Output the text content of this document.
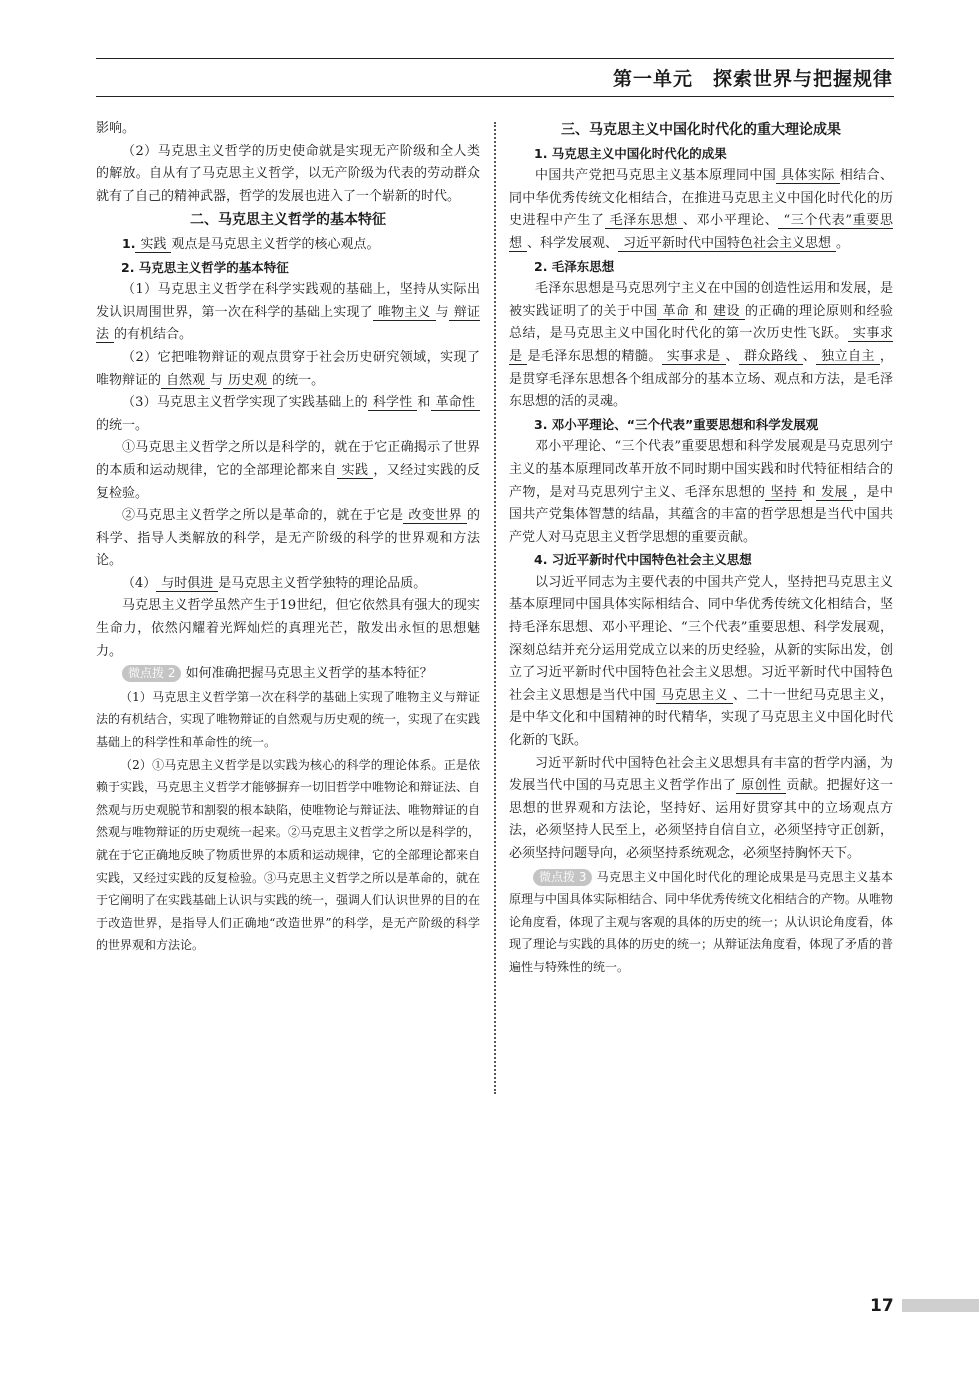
第一单元　探索世界与把握规律

影响。

（2）马克思主义哲学的历史使命就是实现无产阶级和全人类的解放。自从有了马克思主义哲学，以无产阶级为代表的劳动群众就有了自己的精神武器，哲学的发展也进入了一个崭新的时代。

二、马克思主义哲学的基本特征

1. 实践 观点是马克思主义哲学的核心观点。

2. 马克思主义哲学的基本特征

（1）马克思主义哲学在科学实践观的基础上，坚持从实际出发认识周围世界，第一次在科学的基础上实现了 唯物主义 与 辩证法 的有机结合。

（2）它把唯物辩证的观点贯穿于社会历史研究领域，实现了唯物辩证的 自然观 与 历史观 的统一。

（3）马克思主义哲学实现了实践基础上的 科学性 和 革命性的统一。

①马克思主义哲学之所以是科学的，就在于它正确揭示了世界的本质和运动规律，它的全部理论都来自 实践 ，又经过实践的反复检验。

②马克思主义哲学之所以是革命的，就在于它是 改变世界 的科学、指导人类解放的科学，是无产阶级的科学的世界观和方法论。

（4） 与时俱进 是马克思主义哲学独特的理论品质。

马克思主义哲学虽然产生于19世纪，但它依然具有强大的现实生命力，依然闪耀着光辉灿烂的真理光芒，散发出永恒的思想魅力。

微点拨 2 如何准确把握马克思主义哲学的基本特征？

（1）马克思主义哲学第一次在科学的基础上实现了唯物主义与辩证法的有机结合，实现了唯物辩证的自然观与历史观的统一，实现了在实践基础上的科学性和革命性的统一。

（2）①马克思主义哲学是以实践为核心的科学的理论体系。正是依赖于实践，马克思主义哲学才能够摒弃一切旧哲学中唯物论和辩证法、自然观与历史观脱节和割裂的根本缺陷，使唯物论与辩证法、唯物辩证的自然观与唯物辩证的历史观统一起来。②马克思主义哲学之所以是科学的，就在于它正确地反映了物质世界的本质和运动规律，它的全部理论都来自实践，又经过实践的反复检验。③马克思主义哲学之所以是革命的，就在于它阐明了在实践基础上认识与实践的统一，强调人们认识世界的目的在于改造世界，是指导人们正确地“改造世界”的科学，是无产阶级的科学的世界观和方法论。

三、马克思主义中国化时代化的重大理论成果

1. 马克思主义中国化时代化的成果

中国共产党把马克思主义基本原理同中国 具体实际 相结合、同中华优秀传统文化相结合，在推进马克思主义中国化时代化的历史进程中产生了 毛泽东思想 、邓小平理论、 “三个代表”重要思想 、科学发展观、 习近平新时代中国特色社会主义思想 。

2. 毛泽东思想

毛泽东思想是马克思列宁主义在中国的创造性运用和发展，是被实践证明了的关于中国 革命 和 建设 的正确的理论原则和经验总结，是马克思主义中国化时代化的第一次历史性飞跃。 实事求是 是毛泽东思想的精髓。 实事求是 、 群众路线 、 独立自主 ，是贯穿毛泽东思想各个组成部分的基本立场、观点和方法，是毛泽东思想的活的灵魂。

3. 邓小平理论、“三个代表”重要思想和科学发展观

邓小平理论、“三个代表”重要思想和科学发展观是马克思列宁主义的基本原理同改革开放不同时期中国实践和时代特征相结合的产物，是对马克思列宁主义、毛泽东思想的 坚持 和 发展 ，是中国共产党集体智慧的结晶，其蕴含的丰富的哲学思想是当代中国共产党人对马克思主义哲学思想的重要贡献。

4. 习近平新时代中国特色社会主义思想

以习近平同志为主要代表的中国共产党人，坚持把马克思主义基本原理同中国具体实际相结合、同中华优秀传统文化相结合，坚持毛泽东思想、邓小平理论、“三个代表”重要思想、科学发展观，深刻总结并充分运用党成立以来的历史经验，从新的实际出发，创立了习近平新时代中国特色社会主义思想。习近平新时代中国特色社会主义思想是当代中国 马克思主义 、二十一世纪马克思主义，是中华文化和中国精神的时代精华，实现了马克思主义中国化时代化新的飞跃。

习近平新时代中国特色社会主义思想具有丰富的哲学内涵，为发展当代中国的马克思主义哲学作出了 原创性 贡献。把握好这一思想的世界观和方法论，坚持好、运用好贯穿其中的立场观点方法，必须坚持人民至上，必须坚持自信自立，必须坚持守正创新，必须坚持问题导向，必须坚持系统观念，必须坚持胸怀天下。

微点拨 3 马克思主义中国化时代化的理论成果是马克思主义基本原理与中国具体实际相结合、同中华优秀传统文化相结合的产物。从唯物论角度看，体现了主观与客观的具体的历史的统一；从认识论角度看，体现了理论与实践的具体的历史的统一；从辩证法角度看，体现了矛盾的普遍性与特殊性的统一。

17
